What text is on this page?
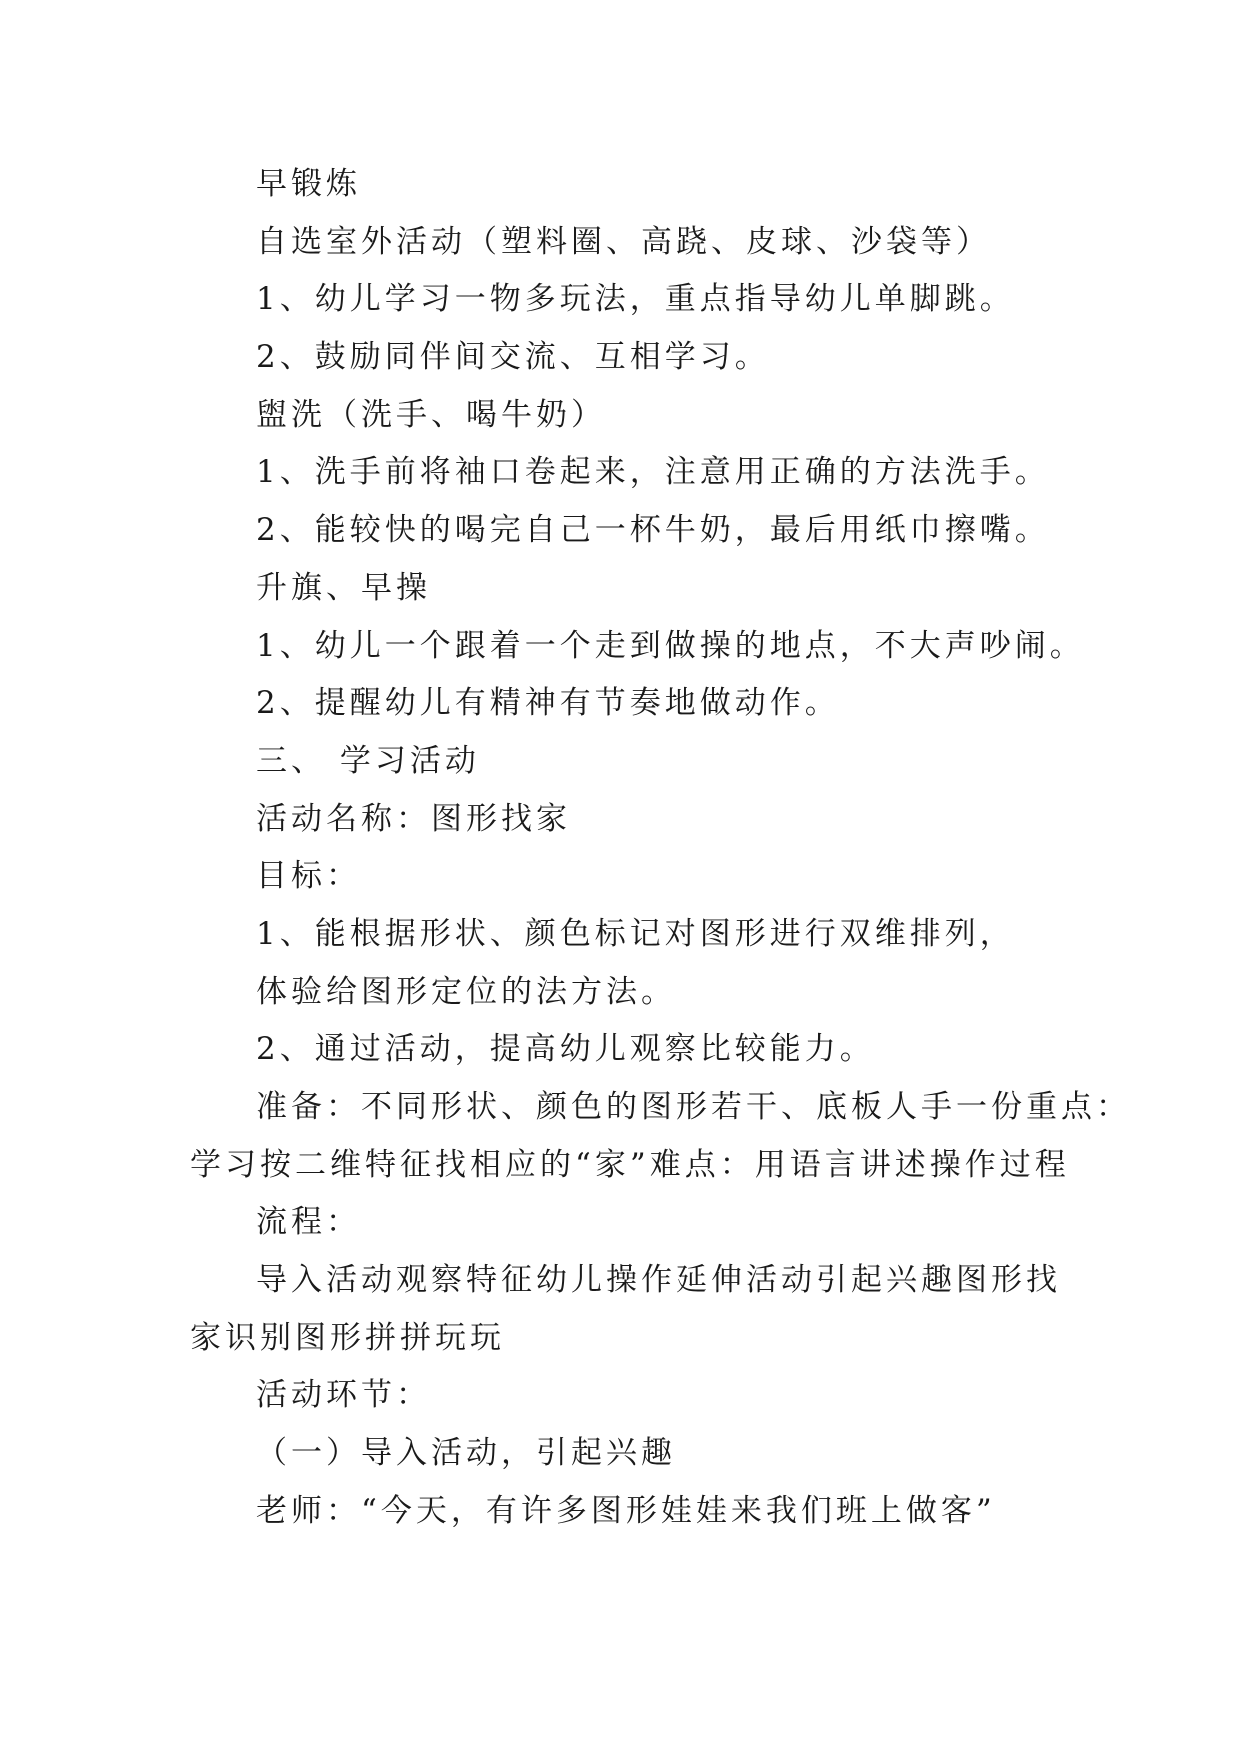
早锻炼

自选室外活动（塑料圈、高跷、皮球、沙袋等）

1、幼儿学习一物多玩法，重点指导幼儿单脚跳。

2、鼓励同伴间交流、互相学习。

盥洗（洗手、喝牛奶）

1、洗手前将袖口卷起来，注意用正确的方法洗手。

2、能较快的喝完自己一杯牛奶，最后用纸巾擦嘴。

升旗、早操

1、幼儿一个跟着一个走到做操的地点，不大声吵闹。

2、提醒幼儿有精神有节奏地做动作。

三、 学习活动

活动名称：图形找家

目标：

1、能根据形状、颜色标记对图形进行双维排列，

体验给图形定位的法方法。

2、通过活动，提高幼儿观察比较能力。

准备：不同形状、颜色的图形若干、底板人手一份重点：

学习按二维特征找相应的“家”难点：用语言讲述操作过程

流程：

导入活动观察特征幼儿操作延伸活动引起兴趣图形找

家识别图形拼拼玩玩

活动环节：

（一）导入活动，引起兴趣

老师：“今天，有许多图形娃娃来我们班上做客”
